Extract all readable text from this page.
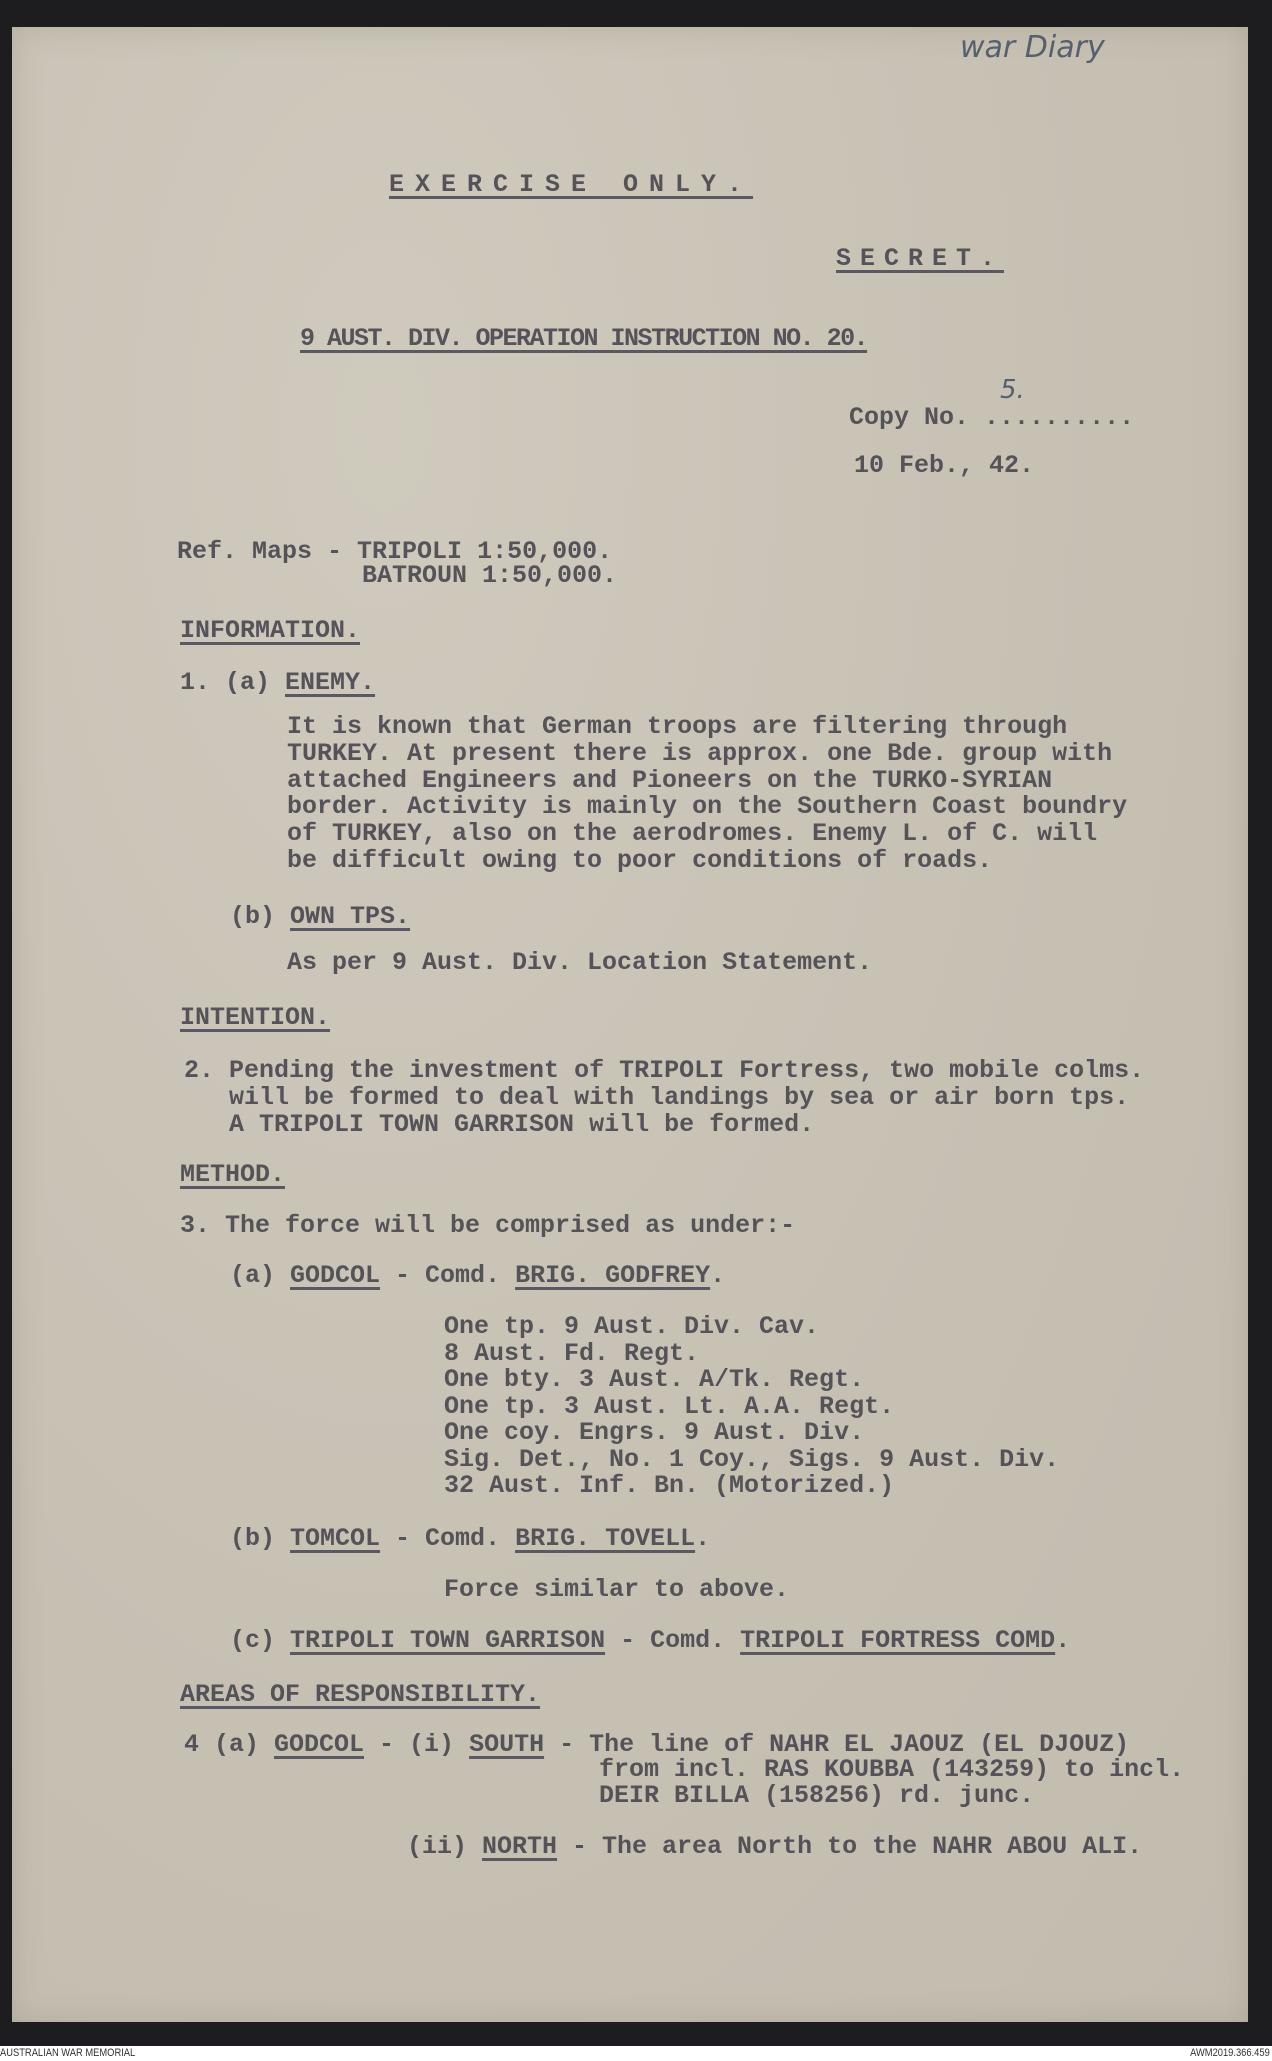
war Diary
5.
EXERCISE ONLY.
SECRET.
9 AUST. DIV. OPERATION INSTRUCTION NO. 20.
Copy No. ..........
10 Feb., 42.
Ref. Maps - TRIPOLI 1:50,000.
BATROUN 1:50,000.
INFORMATION.
1. (a) ENEMY.
It is known that German troops are filtering through
TURKEY. At present there is approx. one Bde. group with
attached Engineers and Pioneers on the TURKO-SYRIAN
border. Activity is mainly on the Southern Coast boundry
of TURKEY, also on the aerodromes. Enemy L. of C. will
be difficult owing to poor conditions of roads.
(b) OWN TPS.
As per 9 Aust. Div. Location Statement.
INTENTION.
2. Pending the investment of TRIPOLI Fortress, two mobile colms.
will be formed to deal with landings by sea or air born tps.
A TRIPOLI TOWN GARRISON will be formed.
METHOD.
3. The force will be comprised as under:-
(a) GODCOL - Comd. BRIG. GODFREY.
One tp. 9 Aust. Div. Cav.
8 Aust. Fd. Regt.
One bty. 3 Aust. A/Tk. Regt.
One tp. 3 Aust. Lt. A.A. Regt.
One coy. Engrs. 9 Aust. Div.
Sig. Det., No. 1 Coy., Sigs. 9 Aust. Div.
32 Aust. Inf. Bn. (Motorized.)
(b) TOMCOL - Comd. BRIG. TOVELL.
Force similar to above.
(c) TRIPOLI TOWN GARRISON - Comd. TRIPOLI FORTRESS COMD.
AREAS OF RESPONSIBILITY.
4 (a) GODCOL - (i) SOUTH - The line of NAHR EL JAOUZ (EL DJOUZ)
from incl. RAS KOUBBA (143259) to incl.
DEIR BILLA (158256) rd. junc.
(ii) NORTH - The area North to the NAHR ABOU ALI.
AUSTRALIAN WAR MEMORIAL	AWM2019.366.459
